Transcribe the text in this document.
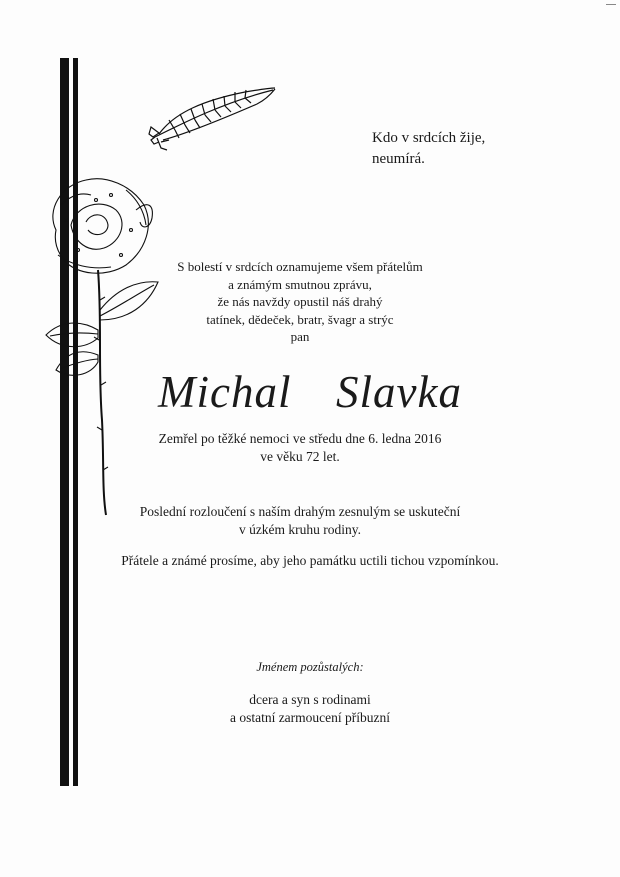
Kdo v srdcích žije,
neumírá.
S bolestí v srdcích oznamujeme všem přátelům
a známým smutnou zprávu,
že nás navždy opustil náš drahý
tatínek, dědeček, bratr, švagr a strýc
pan
Michal  Slavka
Zemřel po těžké nemoci ve středu dne 6. ledna 2016
ve věku 72 let.
Poslední rozloučení s naším drahým zesnulým se uskuteční
v úzkém kruhu rodiny.
Přátele a známé prosíme, aby jeho památku uctili tichou vzpomínkou.
Jménem pozůstalých:
dcera a syn s rodinami
a ostatní zarmoucení příbuzní
